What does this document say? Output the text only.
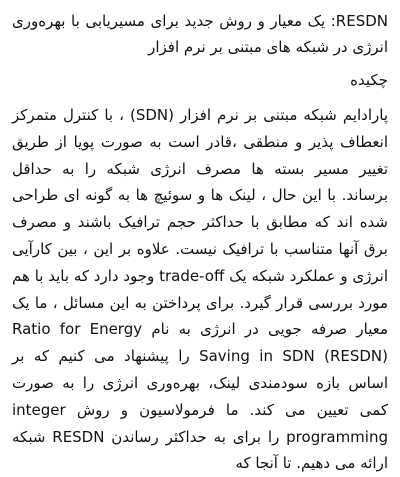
RESDN: یک معیار و روش جدید برای مسیریابی با بهره‌وری انرژی در شبکه های مبتنی بر نرم افزار

چکیده

پارادایم شبکه مبتنی بر نرم افزار (SDN) ، با کنترل متمرکز انعطاف پذیر و منطقی ،قادر است به صورت پویا از طریق تغییر مسیر بسته ها مصرف انرژی شبکه را به حداقل برساند. با این حال ، لینک ها و سوئیچ ها به گونه ای طراحی شده اند که مطابق با حداکثر حجم ترافیک باشند و مصرف برق آنها متناسب با ترافیک نیست. علاوه بر این ، بین کارآیی انرژی و عملکرد شبکه یک trade-off وجود دارد که باید با هم مورد بررسی قرار گیرد. برای پرداختن به این مسائل ، ما یک معیار صرفه جویی در انرژی به نام Ratio for Energy Saving in SDN (RESDN) را پیشنهاد می کنیم که بر اساس بازه سودمندی لینک، بهره‌وری انرژی را به صورت کمی تعیین می کند. ما فرمولاسیون و روش integer programming را برای به حداکثر رساندن RESDN شبکه ارائه می دهیم. تا آنجا که
